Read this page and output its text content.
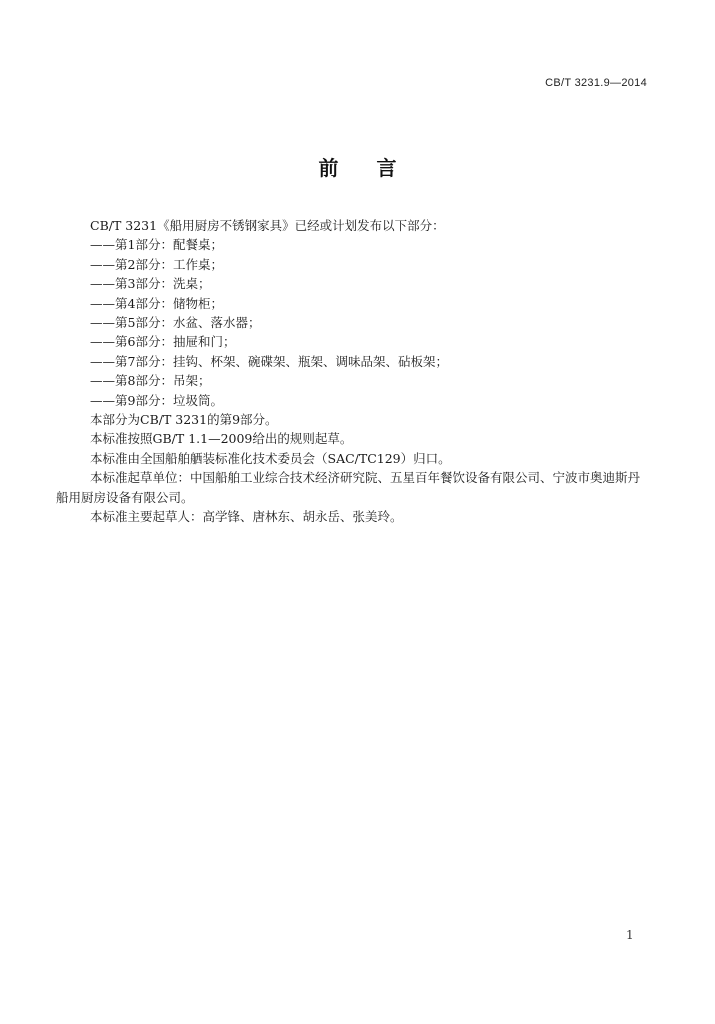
CB/T 3231.9—2014
前言

CB/T 3231《船用厨房不锈钢家具》已经或计划发布以下部分：

——第1部分：配餐桌；

——第2部分：工作桌；

——第3部分：洗桌；

——第4部分：储物柜；

——第5部分：水盆、落水器；

——第6部分：抽屉和门；

——第7部分：挂钩、杯架、碗碟架、瓶架、调味品架、砧板架；

——第8部分：吊架；

——第9部分：垃圾筒。

本部分为CB/T 3231的第9部分。

本标准按照GB/T 1.1—2009给出的规则起草。

本标准由全国船舶舾装标准化技术委员会（SAC/TC129）归口。

本标准起草单位：中国船舶工业综合技术经济研究院、五星百年餐饮设备有限公司、宁波市奥迪斯丹船用厨房设备有限公司。

本标准主要起草人：高学锋、唐林东、胡永岳、张美玲。

1
